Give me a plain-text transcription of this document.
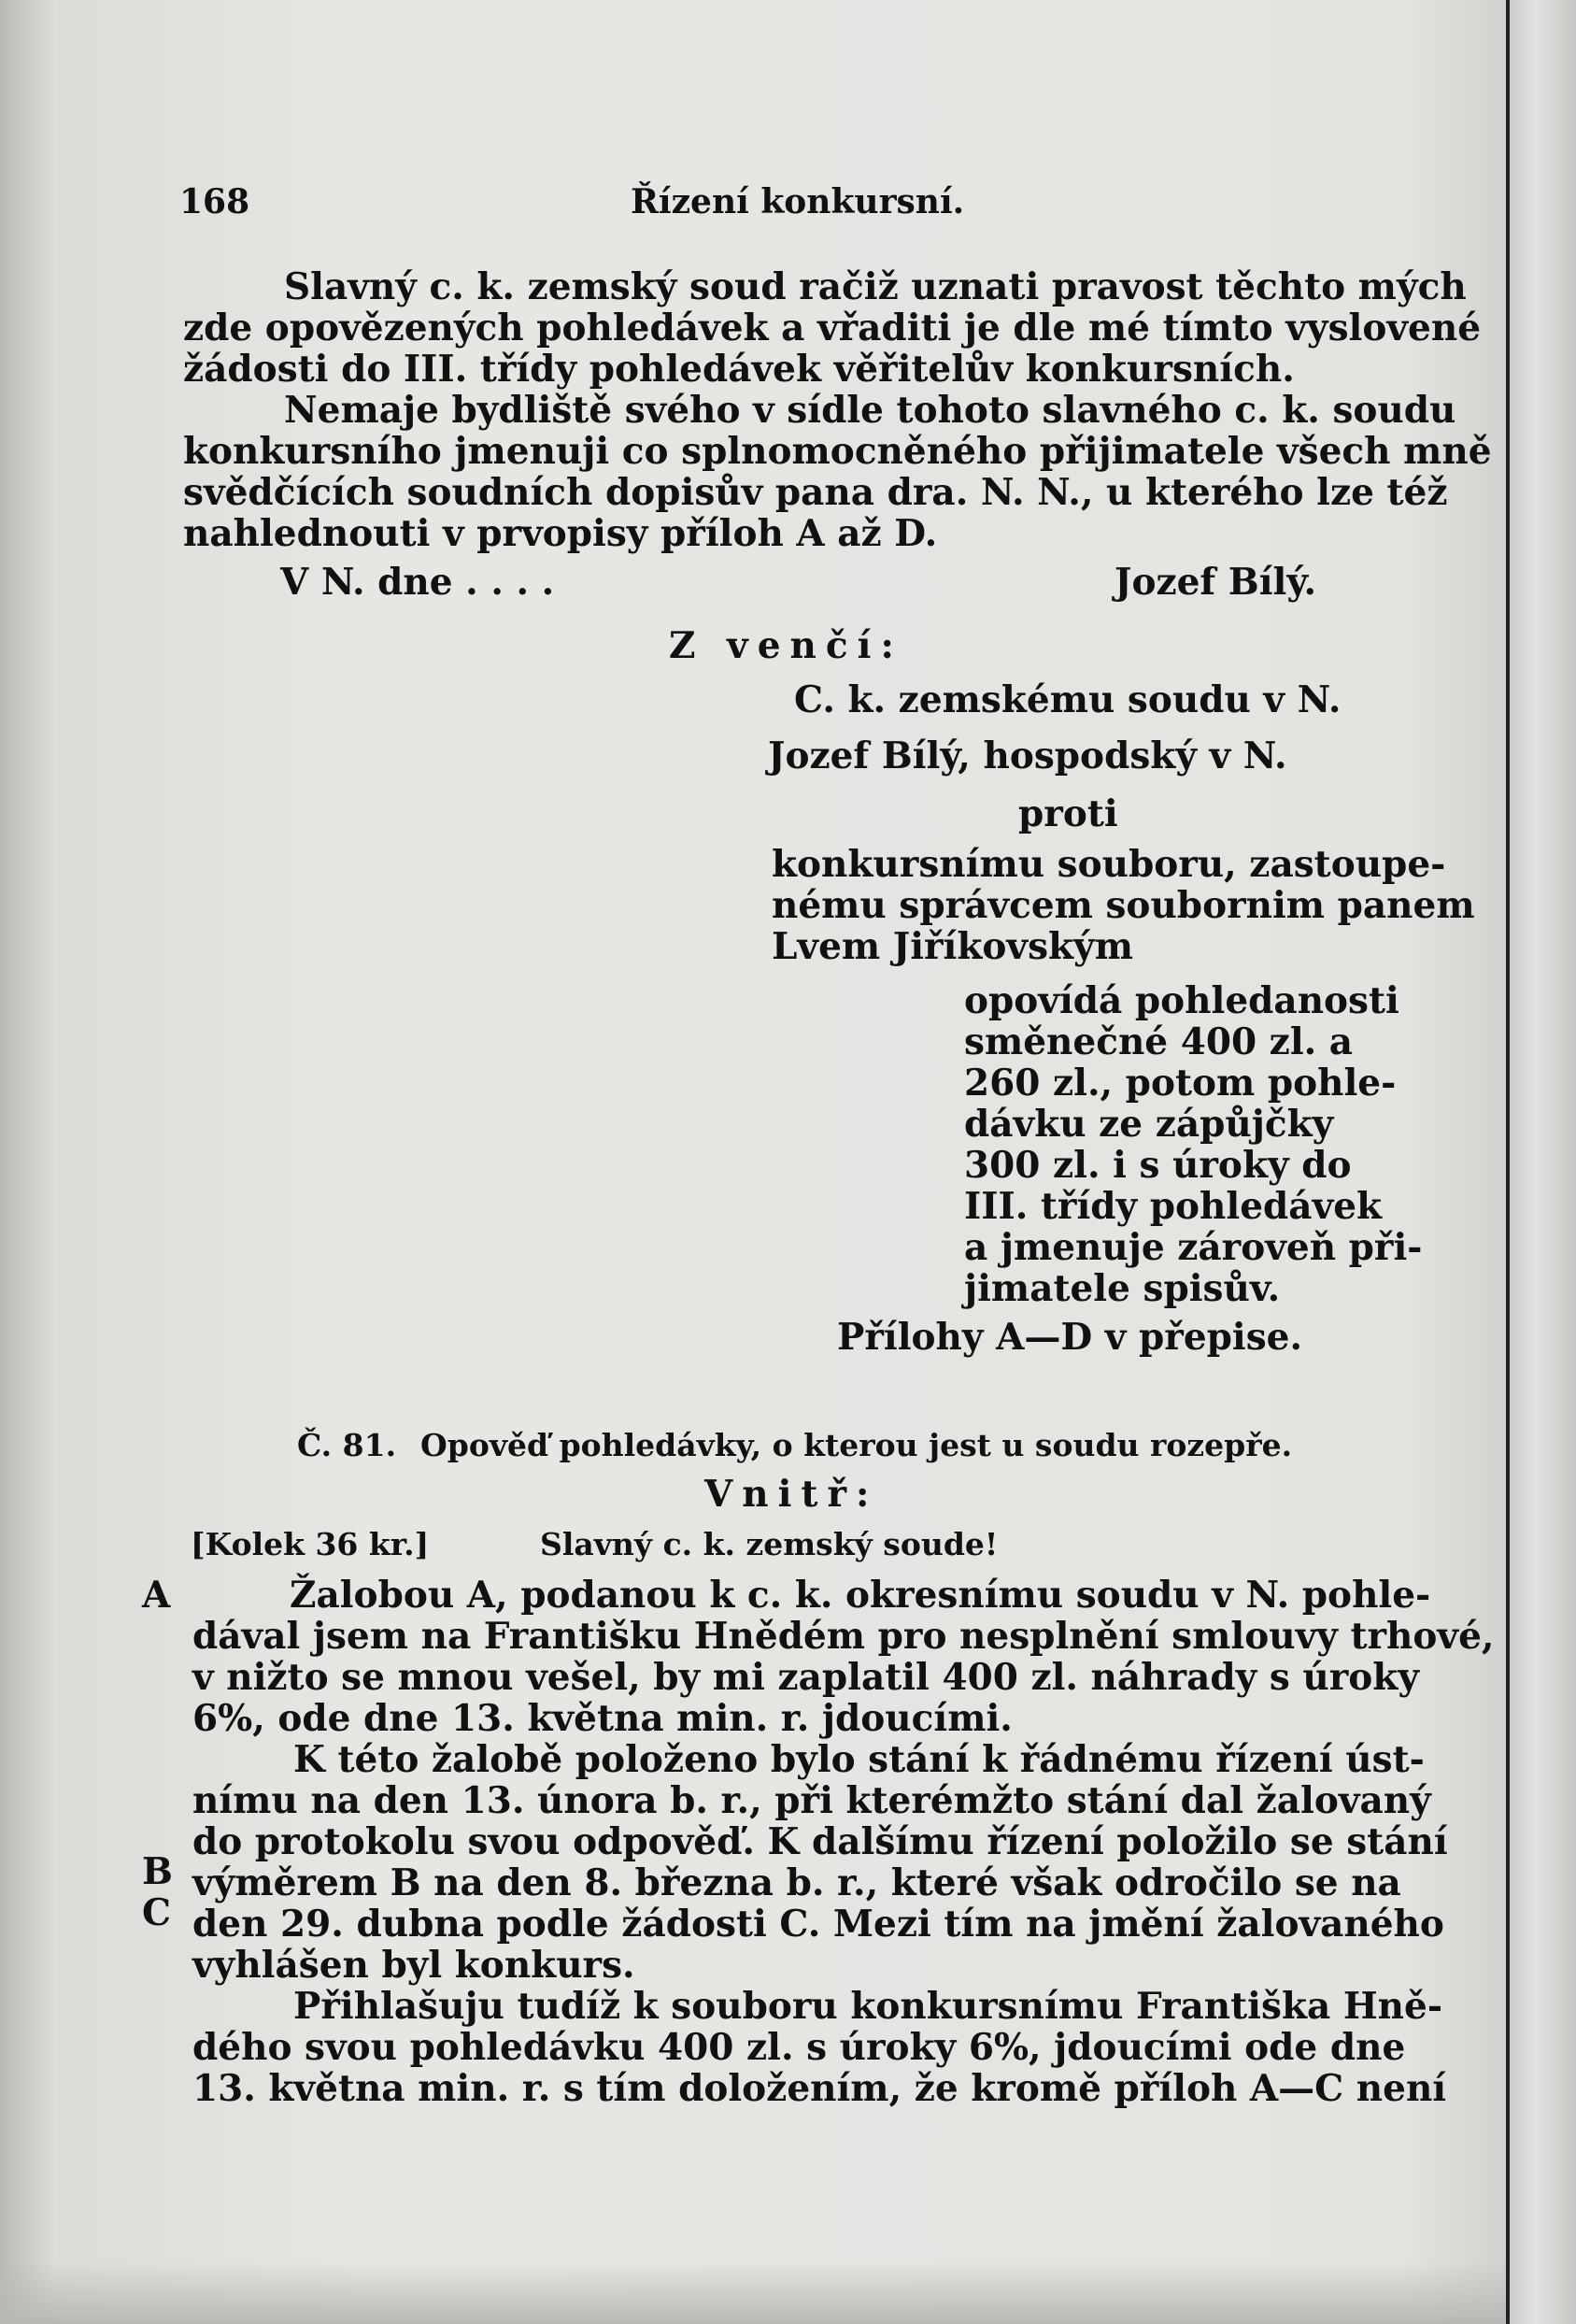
168	Řízení konkursní.
Slavný c. k. zemský soud račiž uznati pravost těchto mých
zde opovězených pohledávek a vřaditi je dle mé tímto vyslovené
žádosti do III. třídy pohledávek věřitelův konkursních.
Nemaje bydliště svého v sídle tohoto slavného c. k. soudu
konkursního jmenuji co splnomocněného přijimatele všech mně
svědčících soudních dopisův pana dra. N. N., u kterého lze též
nahlednouti v prvopisy příloh A až D.
V N. dne . . . .	Jozef Bílý.
Z venčí:
C. k. zemskému soudu v N.
Jozef Bílý, hospodský v N.
proti
konkursnímu souboru, zastoupe-
nému správcem soubornim panem
Lvem Jiříkovským
opovídá pohledanosti
směnečné 400 zl. a
260 zl., potom pohle-
dávku ze zápůjčky
300 zl. i s úroky do
III. třídy pohledávek
a jmenuje zároveň při-
jimatele spisův.
Přílohy A—D v přepise.
Č. 81. Opověď pohledávky, o kterou jest u soudu rozepře.
Vnitř:
[Kolek 36 kr.]	Slavný c. k. zemský soude!
A
B
C
Žalobou A, podanou k c. k. okresnímu soudu v N. pohle-
dával jsem na Františku Hnědém pro nesplnění smlouvy trhové,
v nižto se mnou vešel, by mi zaplatil 400 zl. náhrady s úroky
6%, ode dne 13. května min. r. jdoucími.
K této žalobě položeno bylo stání k řádnému řízení úst-
nímu na den 13. února b. r., při kterémžto stání dal žalovaný
do protokolu svou odpověď. K dalšímu řízení položilo se stání
výměrem B na den 8. března b. r., které však odročilo se na
den 29. dubna podle žádosti C. Mezi tím na jmění žalovaného
vyhlášen byl konkurs.
Přihlašuju tudíž k souboru konkursnímu Františka Hně-
dého svou pohledávku 400 zl. s úroky 6%, jdoucími ode dne
13. května min. r. s tím doložením, že kromě příloh A—C není
